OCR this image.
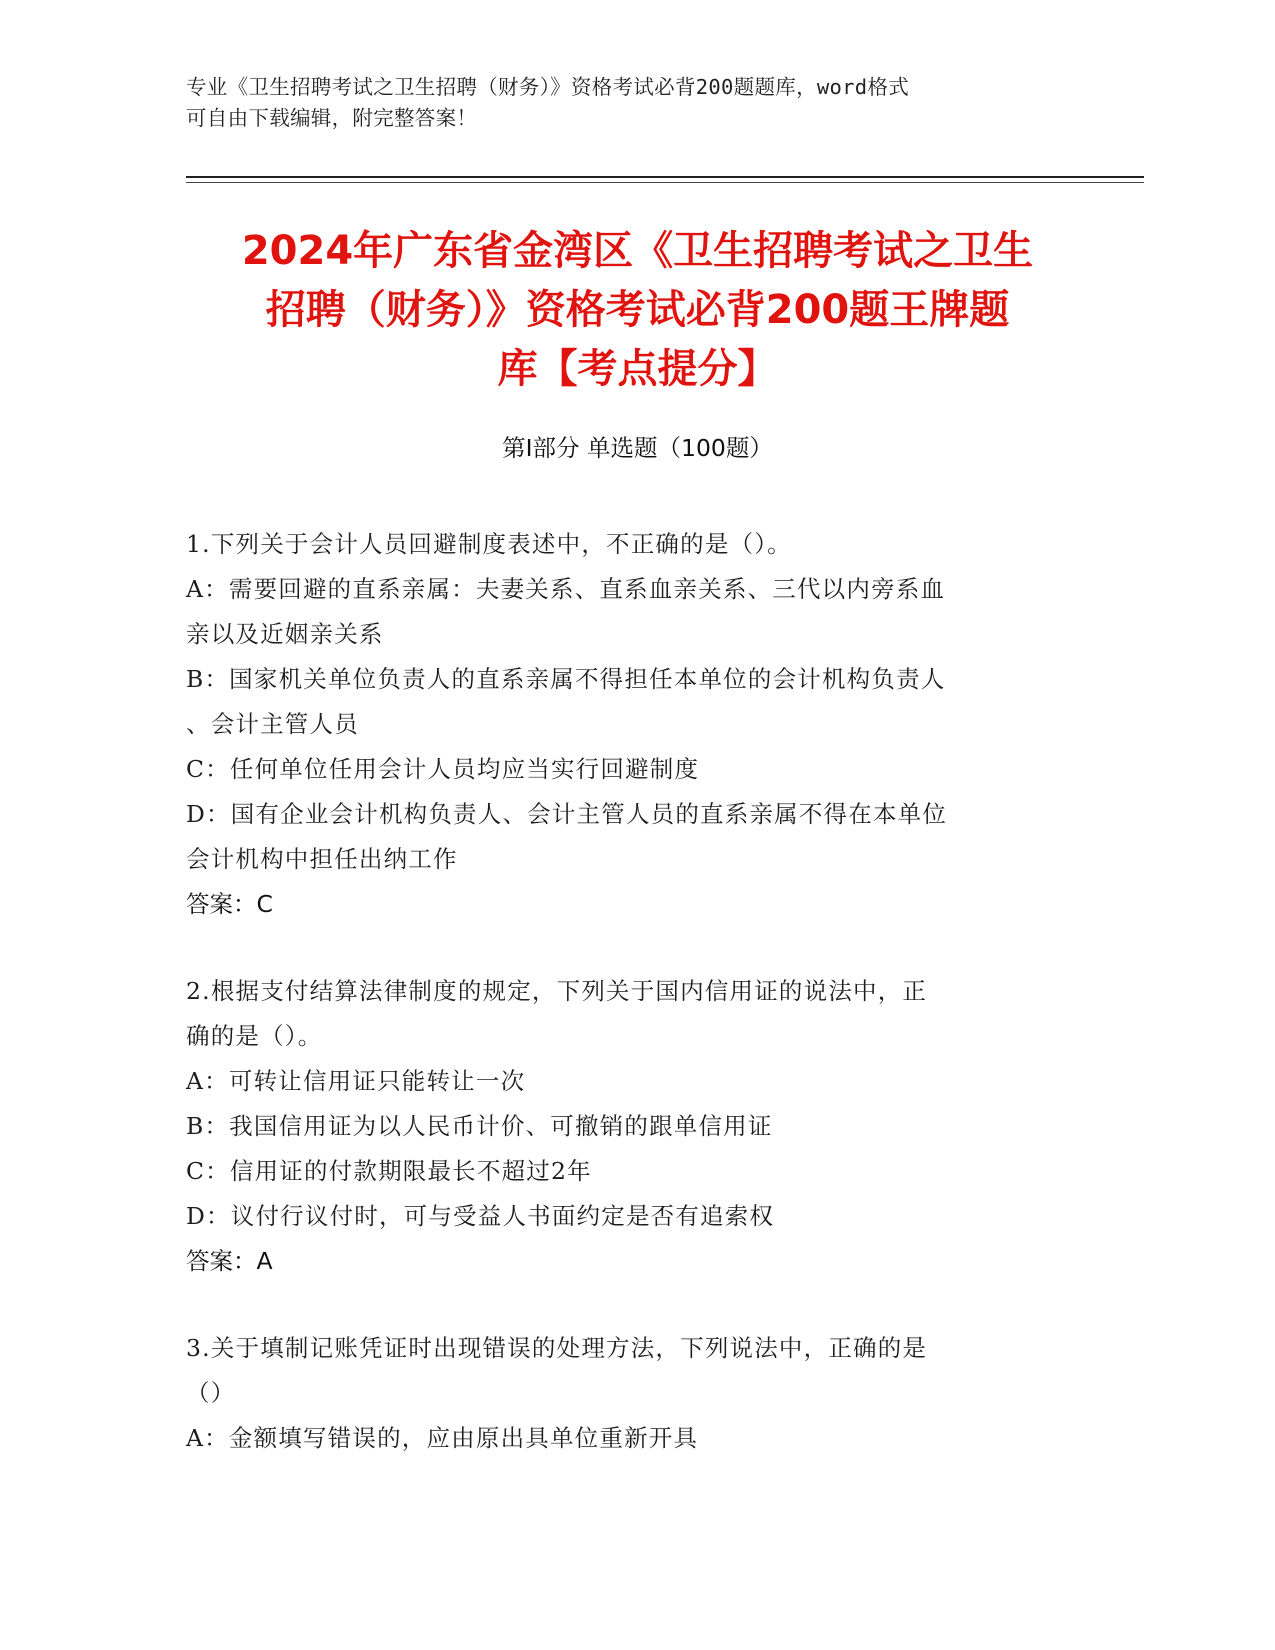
专业《卫生招聘考试之卫生招聘（财务）》资格考试必背200题题库，word格式
可自由下载编辑，附完整答案！
2024年广东省金湾区《卫生招聘考试之卫生
招聘（财务）》资格考试必背200题王牌题
库【考点提分】
第Ⅰ部分 单选题（100题）
1.下列关于会计人员回避制度表述中，不正确的是（）。
A：需要回避的直系亲属：夫妻关系、直系血亲关系、三代以内旁系血
亲以及近姻亲关系
B：国家机关单位负责人的直系亲属不得担任本单位的会计机构负责人
、会计主管人员
C：任何单位任用会计人员均应当实行回避制度
D：国有企业会计机构负责人、会计主管人员的直系亲属不得在本单位
会计机构中担任出纳工作
答案：C
2.根据支付结算法律制度的规定，下列关于国内信用证的说法中，正
确的是（）。
A：可转让信用证只能转让一次
B：我国信用证为以人民币计价、可撤销的跟单信用证
C：信用证的付款期限最长不超过2年
D：议付行议付时，可与受益人书面约定是否有追索权
答案：A
3.关于填制记账凭证时出现错误的处理方法，下列说法中，正确的是
（）
A：金额填写错误的，应由原出具单位重新开具
